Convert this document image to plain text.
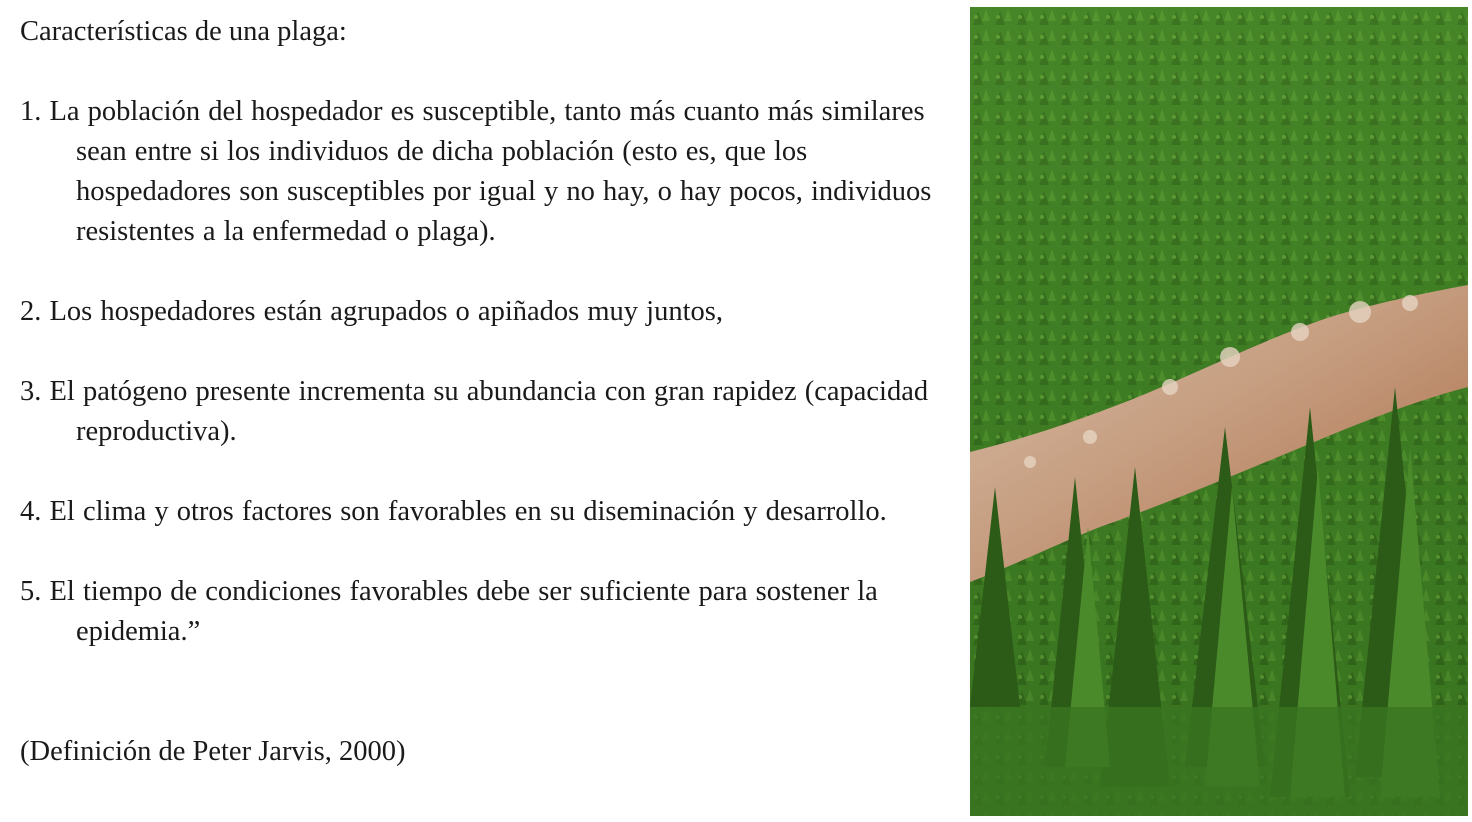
Características de una plaga:

1. La población del hospedador es susceptible, tanto más cuanto más similares sean entre si los individuos de dicha población (esto es, que los hospedadores son susceptibles por igual y no hay, o hay pocos, individuos resistentes a la enfermedad o plaga).
2. Los hospedadores están agrupados o apiñados muy juntos,
3. El patógeno presente incrementa su abundancia con gran rapidez (capacidad reproductiva).
4. El clima y otros factores son favorables en su diseminación y desarrollo.
5. El tiempo de condiciones favorables debe ser suficiente para sostener la epidemia.”

(Definición de Peter Jarvis, 2000)
